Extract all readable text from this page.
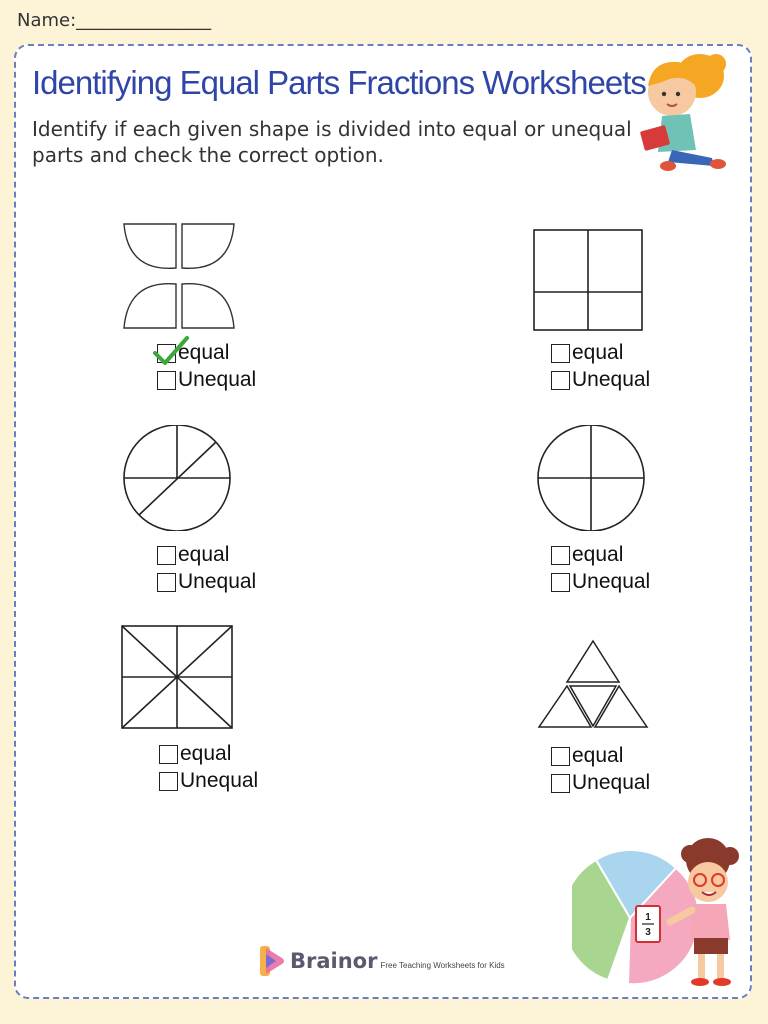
Name:_______________
Identifying Equal Parts Fractions Worksheets

Identify if each given shape is divided into equal or unequal parts and check the correct option.

equal
Unequal
equal
Unequal
equal
Unequal
equal
Unequal
equal
Unequal
equal
Unequal
1
3
Brainor Free Teaching Worksheets for Kids
